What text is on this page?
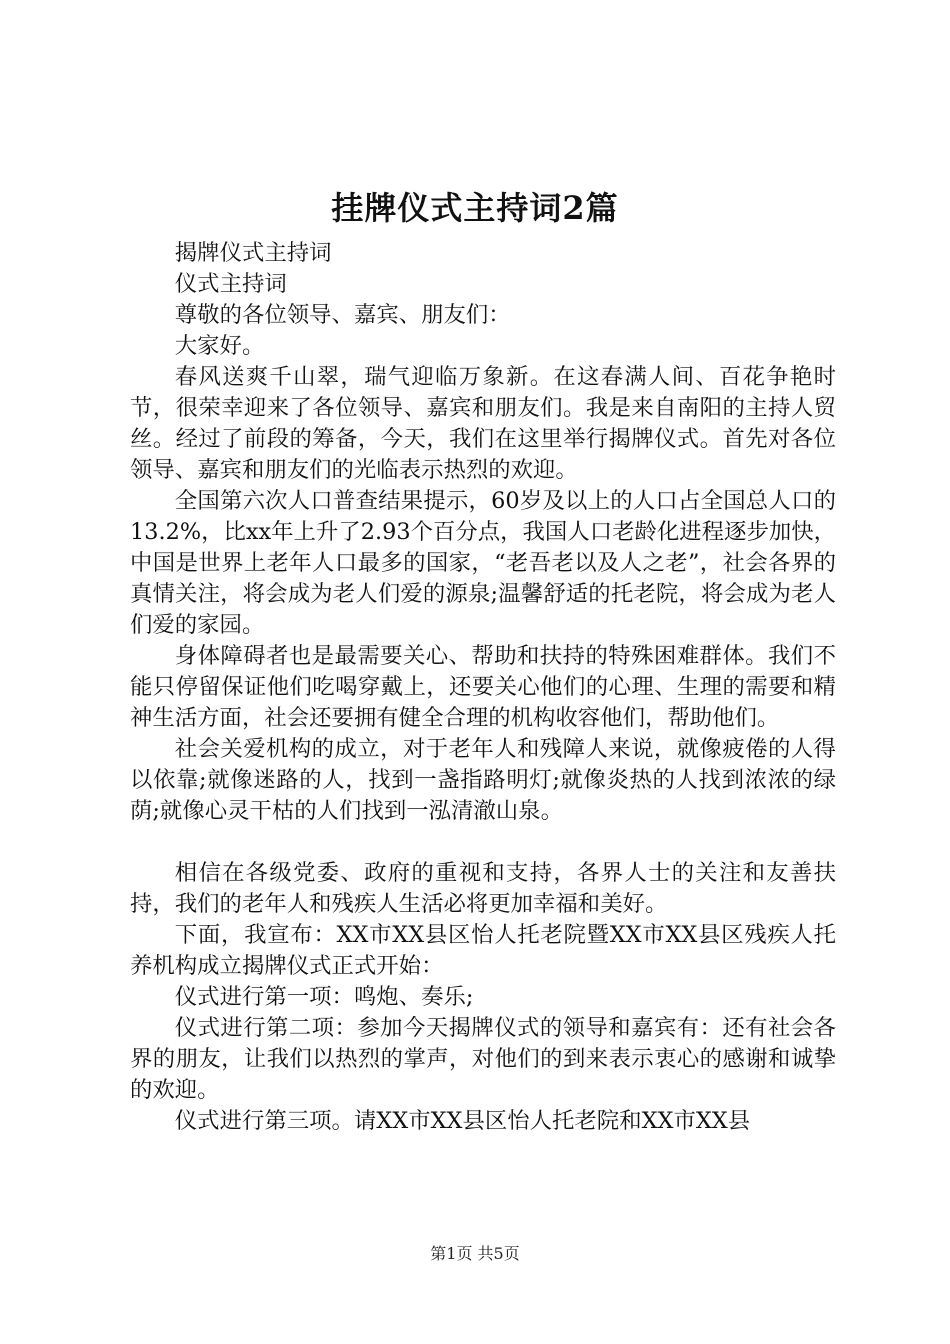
挂牌仪式主持词2篇

揭牌仪式主持词

仪式主持词

尊敬的各位领导、嘉宾、朋友们：

大家好。

春风送爽千山翠，瑞气迎临万象新。在这春满人间、百花争艳时节，很荣幸迎来了各位领导、嘉宾和朋友们。我是来自南阳的主持人贸丝。经过了前段的筹备，今天，我们在这里举行揭牌仪式。首先对各位领导、嘉宾和朋友们的光临表示热烈的欢迎。

全国第六次人口普查结果提示，60岁及以上的人口占全国总人口的13.2%，比xx年上升了2.93个百分点，我国人口老龄化进程逐步加快，中国是世界上老年人口最多的国家，“老吾老以及人之老”，社会各界的真情关注，将会成为老人们爱的源泉;温馨舒适的托老院，将会成为老人们爱的家园。

身体障碍者也是最需要关心、帮助和扶持的特殊困难群体。我们不能只停留保证他们吃喝穿戴上，还要关心他们的心理、生理的需要和精神生活方面，社会还要拥有健全合理的机构收容他们，帮助他们。

社会关爱机构的成立，对于老年人和残障人来说，就像疲倦的人得以依靠;就像迷路的人，找到一盏指路明灯;就像炎热的人找到浓浓的绿荫;就像心灵干枯的人们找到一泓清澈山泉。

相信在各级党委、政府的重视和支持，各界人士的关注和友善扶持，我们的老年人和残疾人生活必将更加幸福和美好。

下面，我宣布：XX市XX县区怡人托老院暨XX市XX县区残疾人托养机构成立揭牌仪式正式开始：

仪式进行第一项：鸣炮、奏乐;

仪式进行第二项：参加今天揭牌仪式的领导和嘉宾有：还有社会各界的朋友，让我们以热烈的掌声，对他们的到来表示衷心的感谢和诚挚的欢迎。

仪式进行第三项。请XX市XX县区怡人托老院和XX市XX县

第1页 共5页
